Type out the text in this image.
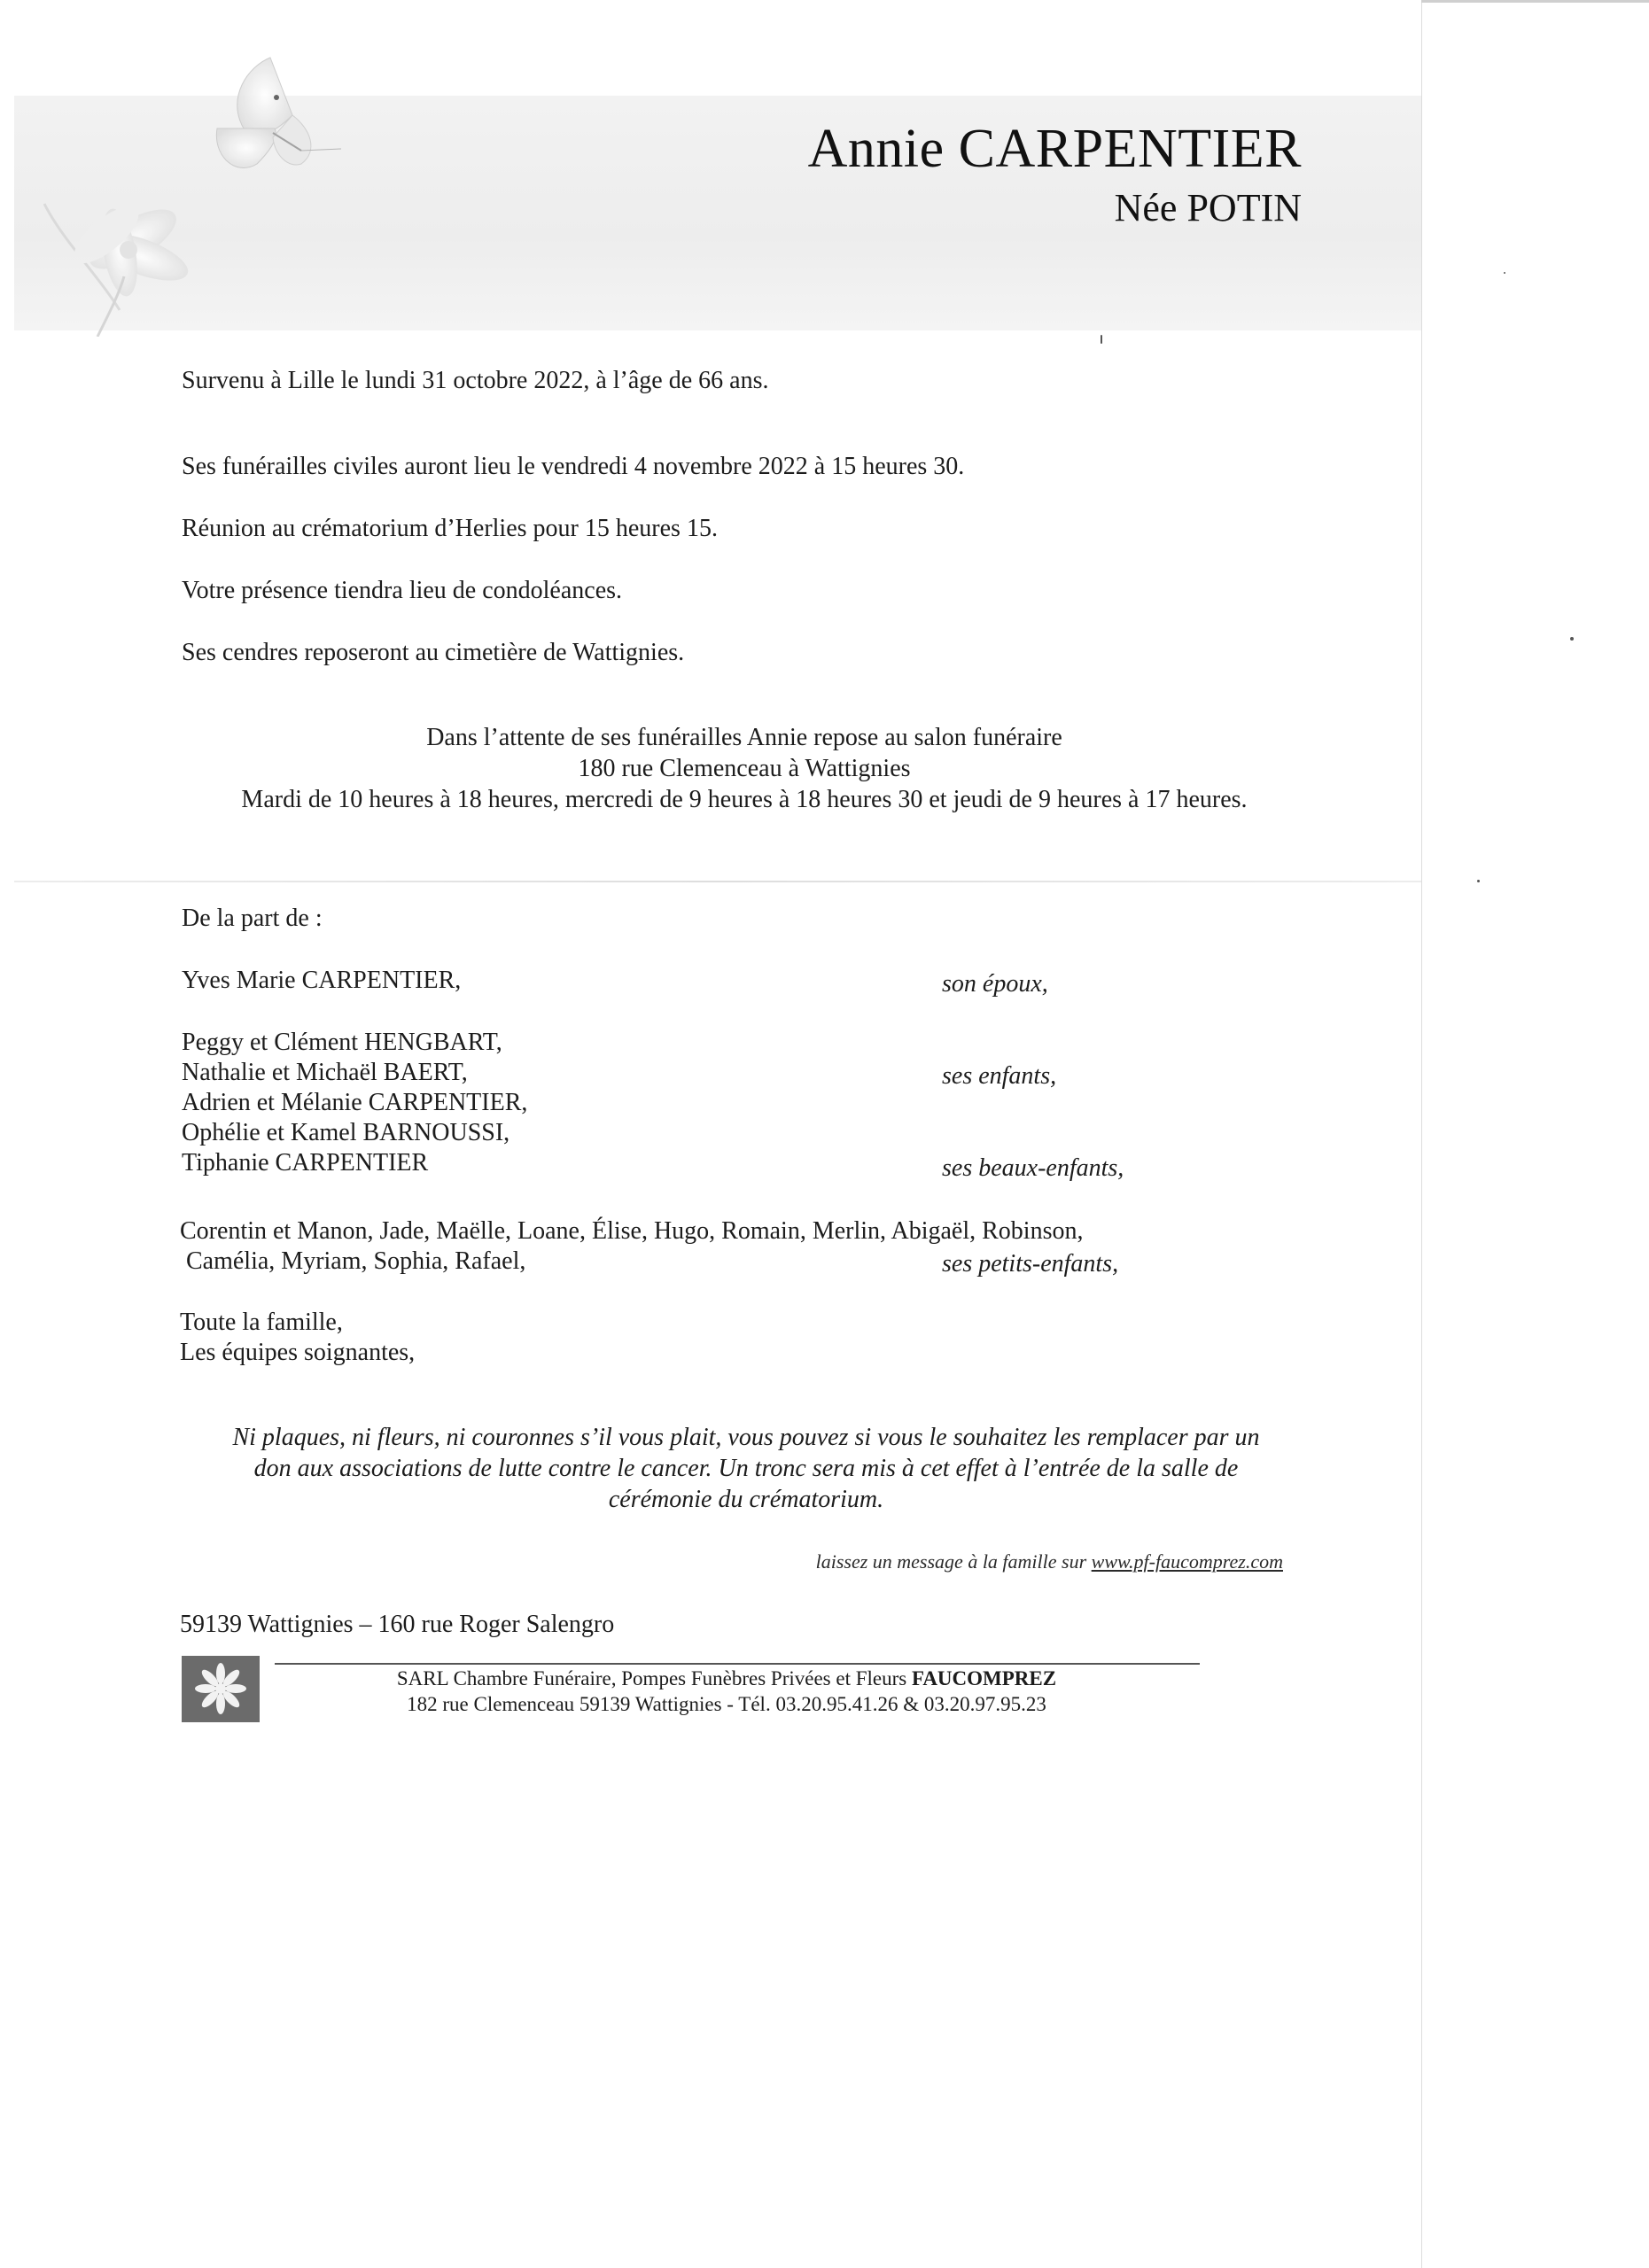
Annie CARPENTIER
Née POTIN
Survenu à Lille le lundi 31 octobre 2022, à l’âge de 66 ans.
Ses funérailles civiles auront lieu le vendredi 4 novembre 2022 à 15 heures 30.
Réunion au crématorium d’Herlies pour 15 heures 15.
Votre présence tiendra lieu de condoléances.
Ses cendres reposeront au cimetière de Wattignies.
Dans l’attente de ses funérailles Annie repose au salon funéraire
180 rue Clemenceau à Wattignies
Mardi de 10 heures à 18 heures, mercredi de 9 heures à 18 heures 30 et jeudi de 9 heures à 17 heures.
De la part de :
Yves Marie CARPENTIER,	son époux,
Peggy et Clément HENGBART,
Nathalie et Michaël BAERT,
Adrien et Mélanie CARPENTIER,
Ophélie et Kamel BARNOUSSI,
Tiphanie CARPENTIER
ses enfants,
ses beaux-enfants,
Corentin et Manon, Jade, Maëlle, Loane, Élise, Hugo, Romain, Merlin, Abigaël, Robinson,
Camélia, Myriam, Sophia, Rafael,	ses petits-enfants,
Toute la famille,
Les équipes soignantes,
Ni plaques, ni fleurs, ni couronnes s’il vous plait, vous pouvez si vous le souhaitez les remplacer par un
don aux associations de lutte contre le cancer. Un tronc sera mis à cet effet à l’entrée de la salle de
cérémonie du crématorium.
laissez un message à la famille sur www.pf-faucomprez.com
59139 Wattignies – 160 rue Roger Salengro
SARL Chambre Funéraire, Pompes Funèbres Privées et Fleurs FAUCOMPREZ
182 rue Clemenceau 59139 Wattignies - Tél. 03.20.95.41.26 & 03.20.97.95.23
